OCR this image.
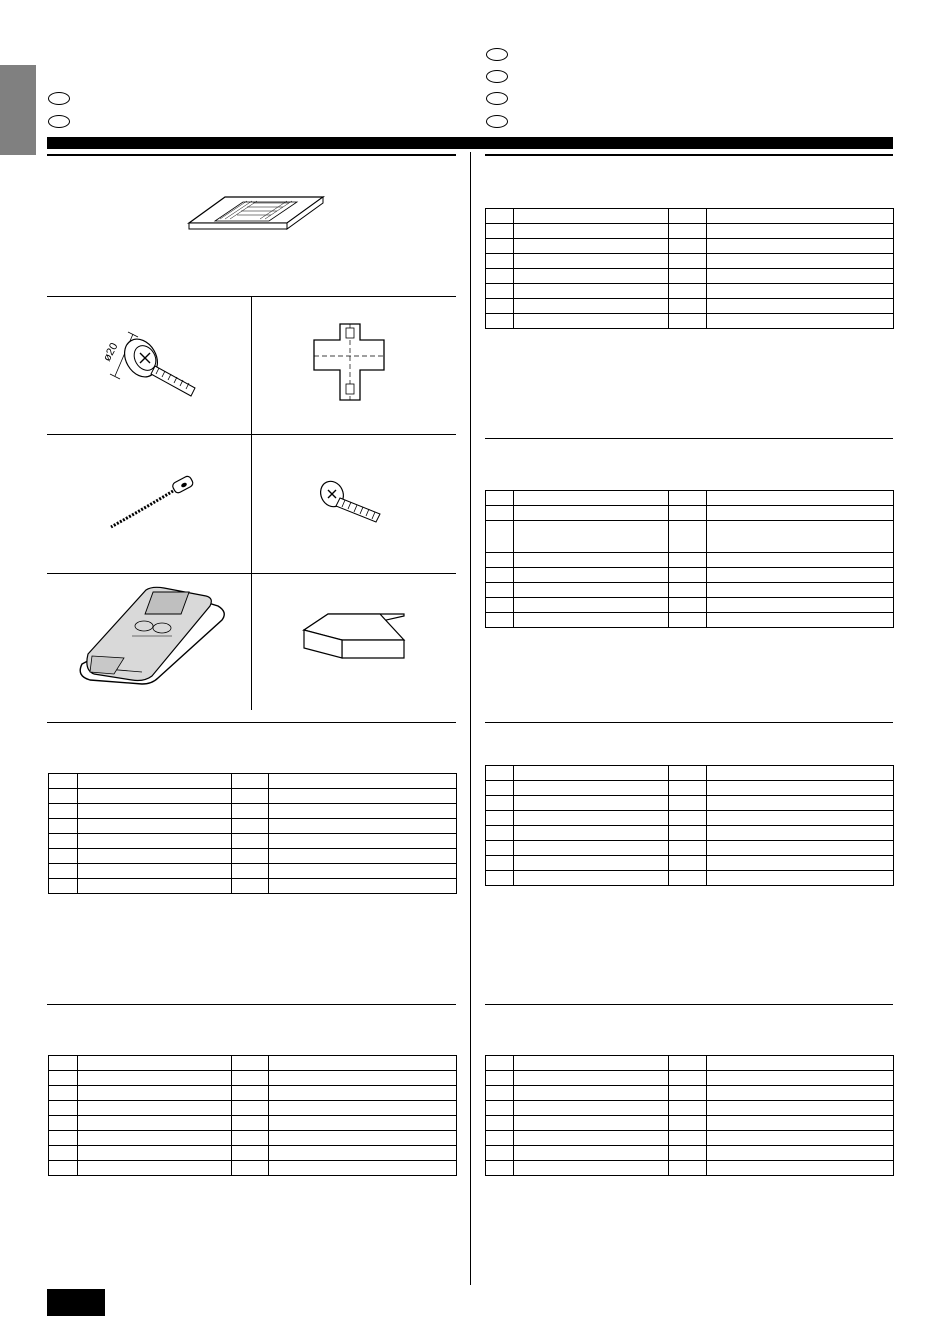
ø20
